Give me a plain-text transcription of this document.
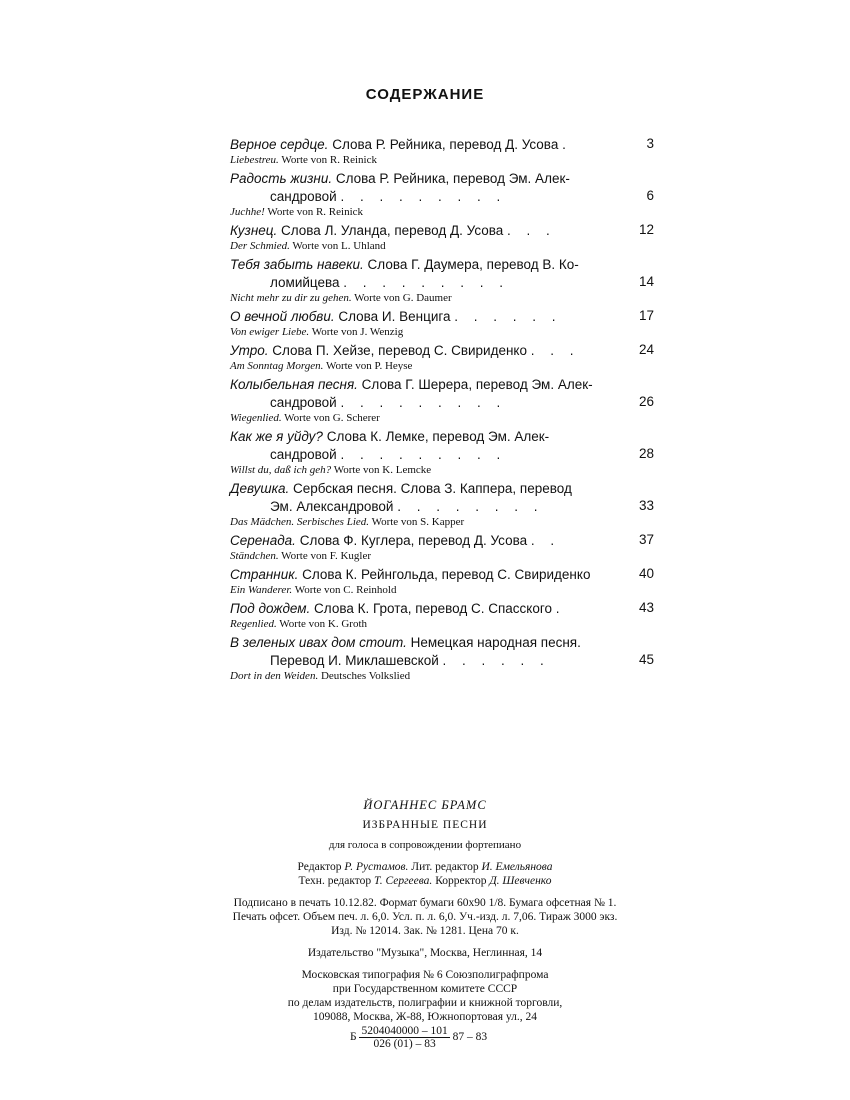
СОДЕРЖАНИЕ
Верное сердце. Слова Р. Рейника, перевод Д. Усова .
Liebestreu. Worte von R. Reinick
3
Радость жизни. Слова Р. Рейника, перевод Эм. Алек-
сандровой . . . . . . . . .
Juchhe! Worte von R. Reinick
6
Кузнец. Слова Л. Уланда, перевод Д. Усова . . .
Der Schmied. Worte von L. Uhland
12
Тебя забыть навеки. Слова Г. Даумера, перевод В. Ко-
ломийцева . . . . . . . . .
Nicht mehr zu dir zu gehen. Worte von G. Daumer
14
О вечной любви. Слова И. Венцига . . . . . .
Von ewiger Liebe. Worte von J. Wenzig
17
Утро. Слова П. Хейзе, перевод С. Свириденко . . .
Am Sonntag Morgen. Worte von P. Heyse
24
Колыбельная песня. Слова Г. Шерера, перевод Эм. Алек-
сандровой . . . . . . . . .
Wiegenlied. Worte von G. Scherer
26
Как же я уйду? Слова К. Лемке, перевод Эм. Алек-
сандровой . . . . . . . . .
Willst du, daß ich geh? Worte von K. Lemcke
28
Девушка. Сербская песня. Слова З. Каппера, перевод
Эм. Александровой . . . . . . . .
Das Mädchen. Serbisches Lied. Worte von S. Kapper
33
Серенада. Слова Ф. Куглера, перевод Д. Усова . .
Ständchen. Worte von F. Kugler
37
Странник. Слова К. Рейнгольда, перевод С. Свириденко
Ein Wanderer. Worte von C. Reinhold
40
Под дождем. Слова К. Грота, перевод С. Спасского .
Regenlied. Worte von K. Groth
43
В зеленых ивах дом стоит. Немецкая народная песня.
Перевод И. Миклашевской . . . . . .
Dort in den Weiden. Deutsches Volkslied
45
ЙОГАННЕС БРАМС
ИЗБРАННЫЕ ПЕСНИ
для голоса в сопровождении фортепиано
Редактор Р. Рустамов. Лит. редактор И. Емельянова
Техн. редактор Т. Сергеева. Корректор Д. Шевченко
Подписано в печать 10.12.82. Формат бумаги 60x90 1/8. Бумага офсетная № 1.
Печать офсет. Объем печ. л. 6,0. Усл. п. л. 6,0. Уч.-изд. л. 7,06. Тираж 3000 экз.
Изд. № 12014. Зак. № 1281. Цена 70 к.
Издательство "Музыка", Москва, Неглинная, 14
Московская типография № 6 Союзполиграфпрома
при Государственном комитете СССР
по делам издательств, полиграфии и книжной торговли,
109088, Москва, Ж-88, Южнопортовая ул., 24
Б $\frac{5204040000 - 101}{026 (01) - 83} 87 - 83$
